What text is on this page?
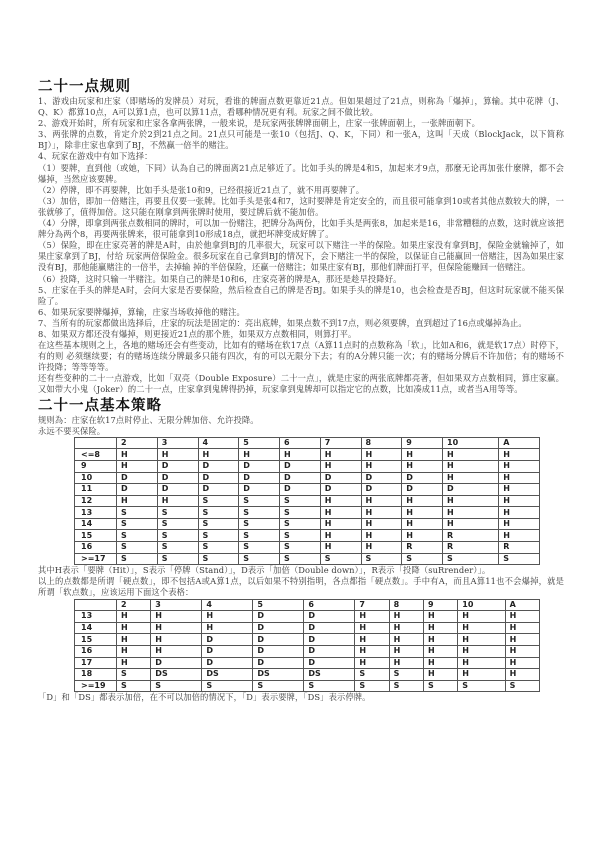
二十一点规则

1、游戏由玩家和庄家（即赌场的发牌员）对玩，看谁的牌面点数更靠近21点。但如果超过了21点，则称為「爆掉」，算输。其中花牌（J、Q、K）都算10点，A可以算1点，也可以算11点，看哪种情况更有利。玩家之间不做比较。

2、游戏开始时，所有玩家和庄家各拿两张牌，一般来说，是玩家两张牌牌面朝上，庄家一张牌面朝上，一张牌面朝下。

3、两张牌的点数，肯定介於2到21点之间。21点只可能是一张10（包括J、Q、K，下同）和一张A，这叫「天成（BlockJack，以下简称BJ）」，除非庄家也拿到了BJ，不然赢一倍半的赌注。

4、玩家在游戏中有如下选择：

（1）要牌，直到他（或她，下同）认為自己的牌面离21点足够近了。比如手头的牌是4和5，加起来才9点，那麼无论再加张什麼牌，都不会爆掉，当然应该要牌。

（2）停牌，即不再要牌，比如手头是张10和9，已经很接近21点了，就不用再要牌了。

（3）加倍，即加一倍赌注，再要且仅要一张牌。比如手头是张4和7，这时要牌是肯定安全的，而且很可能拿到10或者其他点数较大的牌，一张就够了，值得加倍。这只能在刚拿到两张牌时使用，要过牌后就不能加倍。

（4）分牌，即拿到两张点数相同的牌时，可以加一份赌注，把牌分為两份，比如手头是两张8，加起来是16，非常糟糕的点数，这时就应该把牌分為两个8，再要两张牌来，很可能拿到10形成18点，就把坏牌变成好牌了。

（5）保险，即在庄家亮著的牌是A时，由於他拿到BJ的几率很大，玩家可以下赌注一半的保险。如果庄家没有拿到BJ，保险金就输掉了，如果庄家拿到了BJ，付给 玩家两倍保险金。很多玩家在自己拿到BJ的情况下，会下赌注一半的保险，以保证自己能赢回一倍赌注，因為如果庄家没有BJ，那他能赢赌注的一倍半，去掉输 掉的半倍保险，还赢一倍赌注；如果庄家有BJ，那他们牌面打平，但保险能赚回一倍赌注。

（6）投降，这时只输一半赌注。如果自己的牌是10和6，庄家亮著的牌是A，那还是趁早投降好。

5、庄家在手头的牌是A时，会问大家是否要保险，然后检查自己的牌是否BJ。如果手头的牌是10，也会检查是否BJ，但这时玩家就不能买保险了。

6、如果玩家要牌爆掉，算输，庄家当场收掉他的赌注。

7、当所有的玩家都做出选择后，庄家的玩法是固定的：亮出底牌，如果点数不到17点，则必须要牌，直到超过了16点或爆掉為止。

8、如果双方都还没有爆掉，则更接近21点的那个胜，如果双方点数相同，则算打平。

在这些基本规则之上，各地的赌场还会有些变动，比如有的赌场在软17点（A算11点时的点数称為「软」，比如A和6，就是软17点）时停下，有的则 必须继续要；有的赌场连续分牌最多只能有四次，有的可以无限分下去；有的A分牌只能一次；有的赌场分牌后不许加倍；有的赌场不许投降；等等等等。

还有些变种的二十一点游戏，比如「双亮（Double Exposure）二十一点」，就是庄家的两张底牌都亮著，但如果双方点数相同，算庄家赢。又如带大小鬼（Joker）的二十一点，庄家拿到鬼牌得扔掉，玩家拿到鬼牌却可以指定它的点数，比如凑成11点，或者当A用等等。

二十一点基本策略

规则為：庄家在软17点时停止、无限分牌加倍、允许投降。

永远不要买保险。

	2	3	4	5	6	7	8	9	10	A
<=8	H	H	H	H	H	H	H	H	H	H
9	H	D	D	D	D	H	H	H	H	H
10	D	D	D	D	D	D	D	D	H	H
11	D	D	D	D	D	D	D	D	D	H
12	H	H	S	S	S	H	H	H	H	H
13	S	S	S	S	S	H	H	H	H	H
14	S	S	S	S	S	H	H	H	H	H
15	S	S	S	S	S	H	H	H	R	H
16	S	S	S	S	S	H	H	R	R	R
>=17	S	S	S	S	S	S	S	S	S	S

其中H表示「要牌（Hit）」，S表示「停牌（Stand）」，D表示「加倍（Double down）」，R表示「投降（suRrender）」。

以上的点数都是所谓「硬点数」，即不包括A或A算1点，以后如果不特别指明，各点都指「硬点数」。手中有A，而且A算11也不会爆掉，就是所谓「软点数」，应该运用下面这个表格：

	2	3	4	5	6	7	8	9	10	A
13	H	H	H	D	D	H	H	H	H	H
14	H	H	H	D	D	H	H	H	H	H
15	H	H	D	D	D	H	H	H	H	H
16	H	H	D	D	D	H	H	H	H	H
17	H	D	D	D	D	H	H	H	H	H
18	S	DS	DS	DS	DS	S	S	H	H	H
>=19	S	S	S	S	S	S	S	S	S	S

「D」和「DS」都表示加倍，在不可以加倍的情况下，「D」表示要牌，「DS」表示停牌。
